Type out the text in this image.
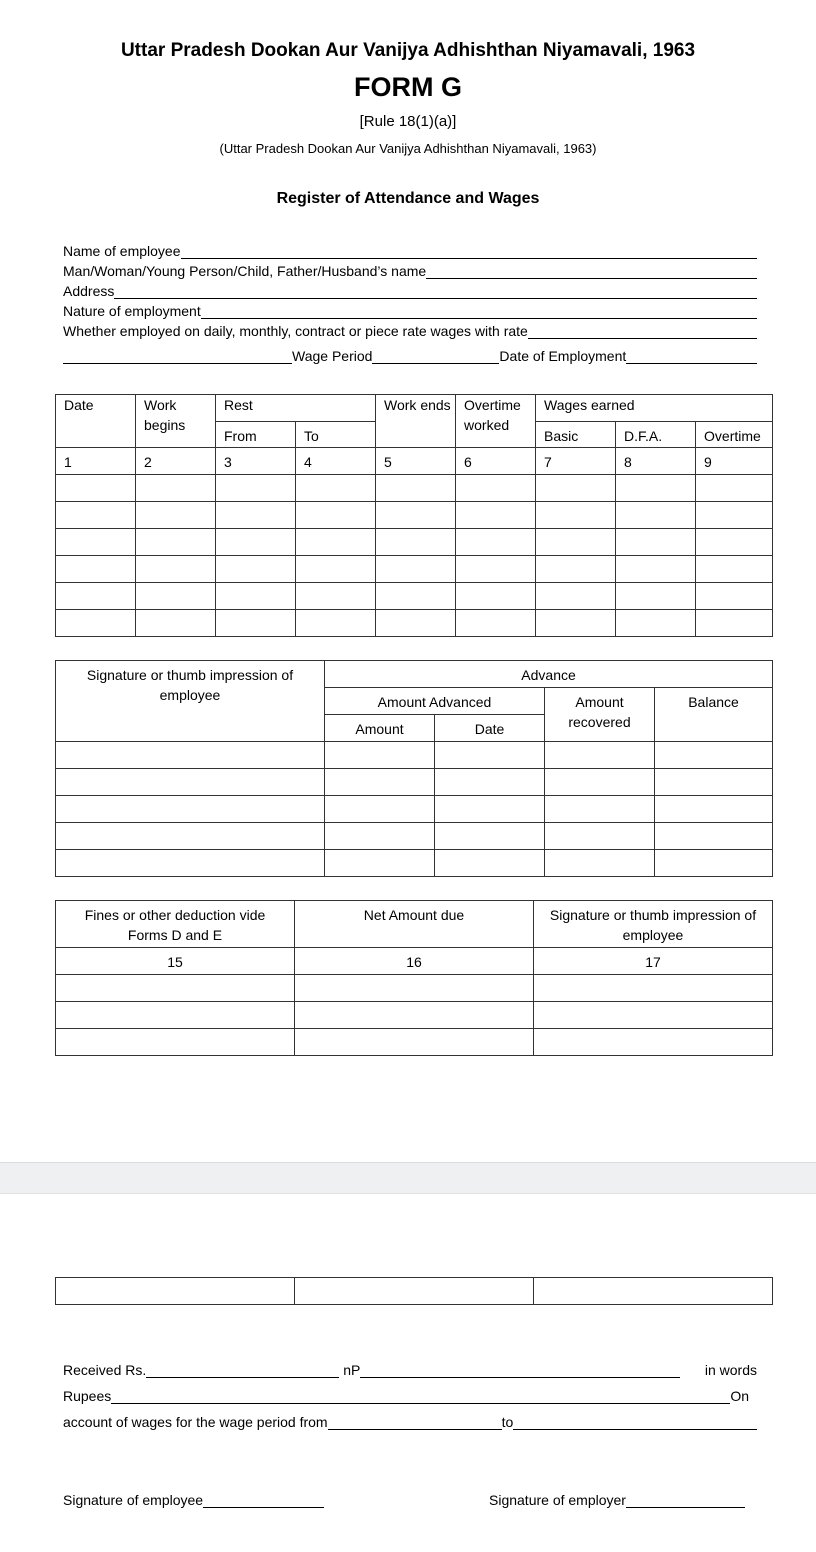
Uttar Pradesh Dookan Aur Vanijya Adhishthan Niyamavali, 1963
FORM G
[Rule 18(1)(a)]
(Uttar Pradesh Dookan Aur Vanijya Adhishthan Niyamavali, 1963)
Register of Attendance and Wages
Name of employee
Man/Woman/Young Person/Child, Father/Husband’s name
Address
Nature of employment
Whether employed on daily, monthly, contract or piece rate wages with rate
Wage Period	Date of Employment
Date	Work begins	Rest		Work ends	Overtime worked	Wages earned		
		From	To			Basic	D.F.A.	Overtime
1	2	3	4	5	6	7	8	9

Signature or thumb impression of employee	Advance			
	Amount Advanced		Amount recovered	Balance
	Amount	Date		

Fines or other deduction vide Forms D and E	Net Amount due	Signature or thumb impression of employee
15	16	17

Received Rs.	nP	in words
Rupees	On
account of wages for the wage period from	to
Signature of employee	Signature of employer
